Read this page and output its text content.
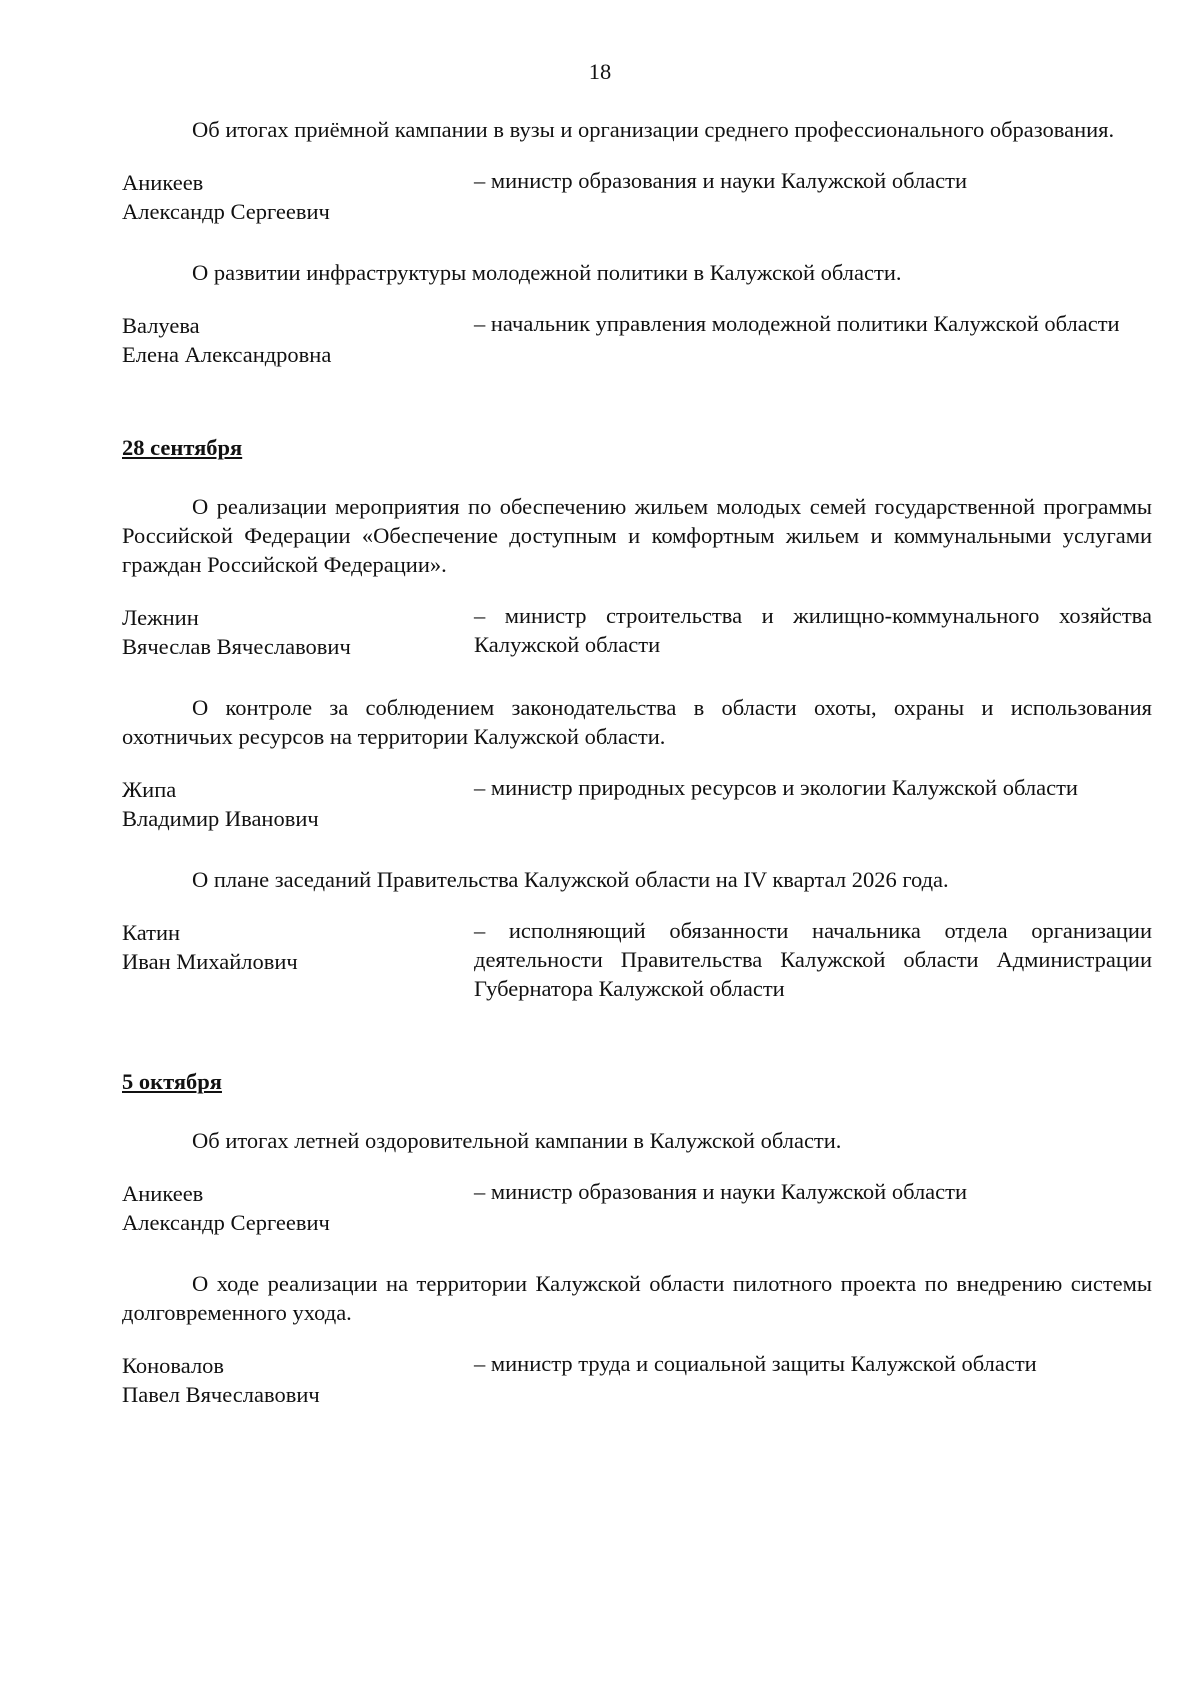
18

Об итогах приёмной кампании в вузы и организации среднего профессионального образования.

Аникеев
Александр Сергеевич
– министр образования и науки Калужской области

О развитии инфраструктуры молодежной политики в Калужской области.

Валуева
Елена Александровна
– начальник управления молодежной политики Калужской области
28 сентября

О реализации мероприятия по обеспечению жильем молодых семей государственной программы Российской Федерации «Обеспечение доступным и комфортным жильем и коммунальными услугами граждан Российской Федерации».

Лежнин
Вячеслав Вячеславович
– министр строительства и жилищно-коммунального хозяйства Калужской области

О контроле за соблюдением законодательства в области охоты, охраны и использования охотничьих ресурсов на территории Калужской области.

Жипа
Владимир Иванович
– министр природных ресурсов и экологии Калужской области

О плане заседаний Правительства Калужской области на IV квартал 2026 года.

Катин
Иван Михайлович
– исполняющий обязанности начальника отдела организации деятельности Правительства Калужской области Администрации Губернатора Калужской области
5 октября

Об итогах летней оздоровительной кампании в Калужской области.

Аникеев
Александр Сергеевич
– министр образования и науки Калужской области

О ходе реализации на территории Калужской области пилотного проекта по внедрению системы долговременного ухода.

Коновалов
Павел Вячеславович
– министр труда и социальной защиты Калужской области
